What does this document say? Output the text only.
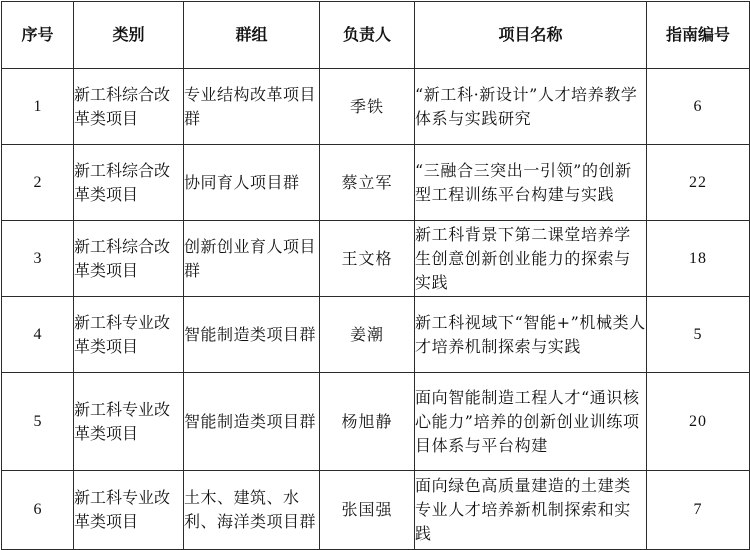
序号	类别	群组	负责人	项目名称	指南编号
1	新工科综合改革类项目	专业结构改革项目群	季铁	“新工科·新设计”人才培养教学体系与实践研究	6
2	新工科综合改革类项目	协同育人项目群	蔡立军	“三融合三突出一引领”的创新型工程训练平台构建与实践	22
3	新工科综合改革类项目	创新创业育人项目群	王文格	新工科背景下第二课堂培养学生创意创新创业能力的探索与实践	18
4	新工科专业改革类项目	智能制造类项目群	姜潮	新工科视域下“智能+”机械类人才培养机制探索与实践	5
5	新工科专业改革类项目	智能制造类项目群	杨旭静	面向智能制造工程人才“通识核心能力”培养的创新创业训练项目体系与平台构建	20
6	新工科专业改革类项目	土木、建筑、水利、海洋类项目群	张国强	面向绿色高质量建造的土建类专业人才培养新机制探索和实践	7
